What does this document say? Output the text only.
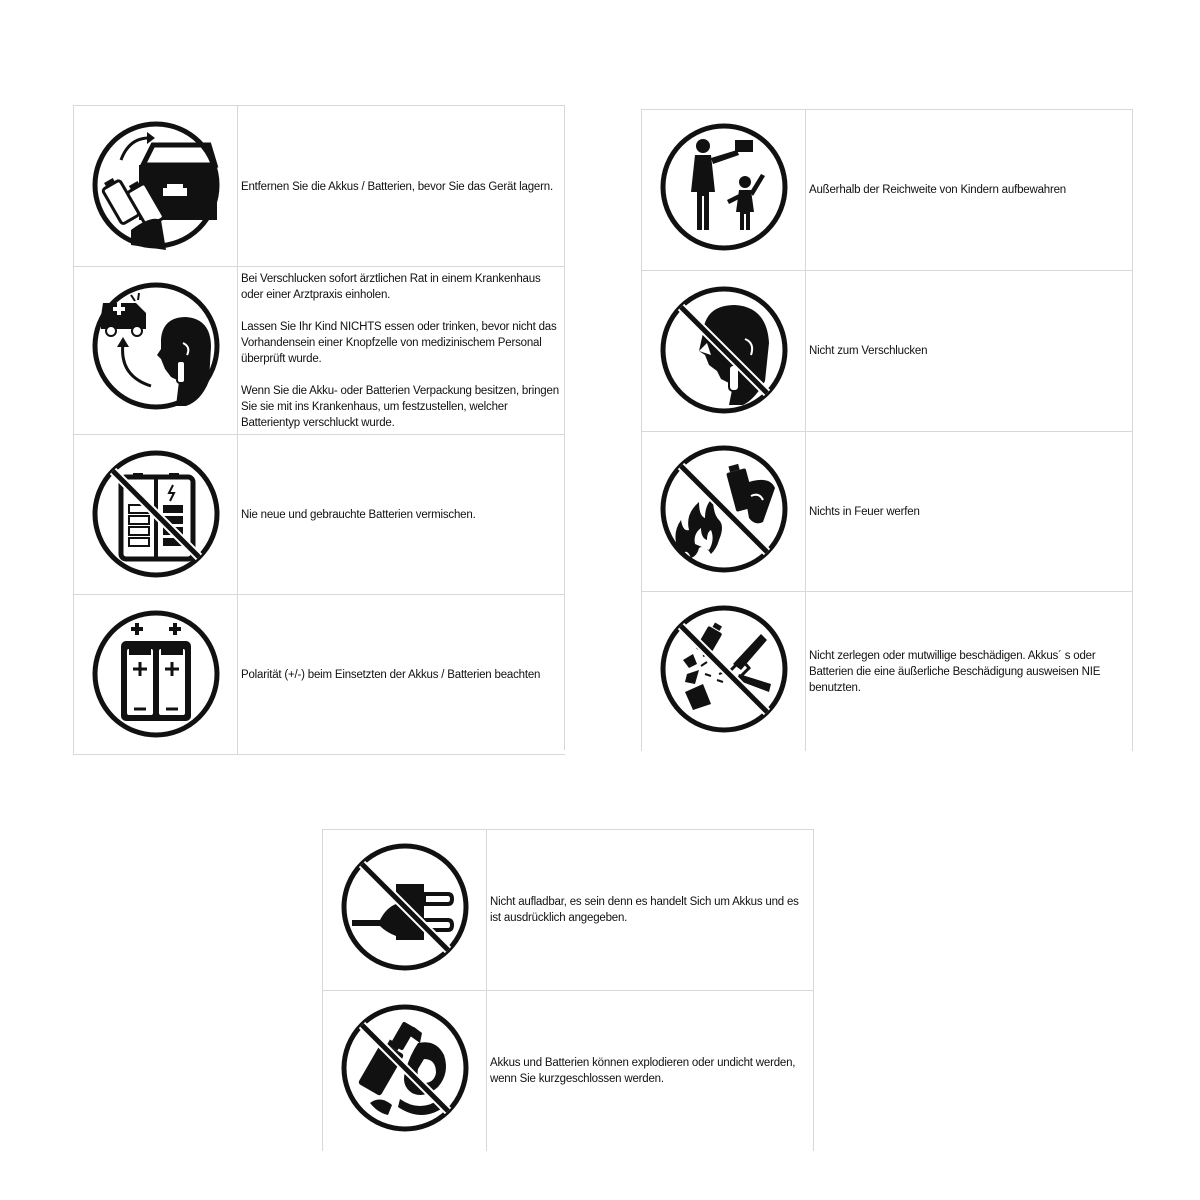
Entfernen Sie die Akkus / Batterien, bevor Sie das Gerät lagern.

Bei Verschlucken sofort ärztlichen Rat in einem Krankenhaus oder einer Arztpraxis einholen.

Lassen Sie Ihr Kind NICHTS essen oder trinken, bevor nicht das Vorhandensein einer Knopfzelle von medizinischem Personal überprüft wurde.

Wenn Sie die Akku- oder Batterien Verpackung besitzen, bringen Sie sie mit ins Krankenhaus, um festzustellen, welcher Batterientyp verschluckt wurde.

Nie neue und gebrauchte Batterien vermischen.

Polarität (+/-) beim Einsetzten der Akkus / Batterien beachten

Außerhalb der Reichweite von Kindern aufbewahren

Nicht zum Verschlucken

Nichts in Feuer werfen

Nicht zerlegen oder mutwillige beschädigen. Akkus´ s oder Batterien die eine äußerliche Beschädigung ausweisen NIE benutzten.

Nicht aufladbar, es sein denn es handelt Sich um Akkus und es ist ausdrücklich angegeben.

Akkus und Batterien können explodieren oder undicht werden, wenn Sie kurzgeschlossen werden.
